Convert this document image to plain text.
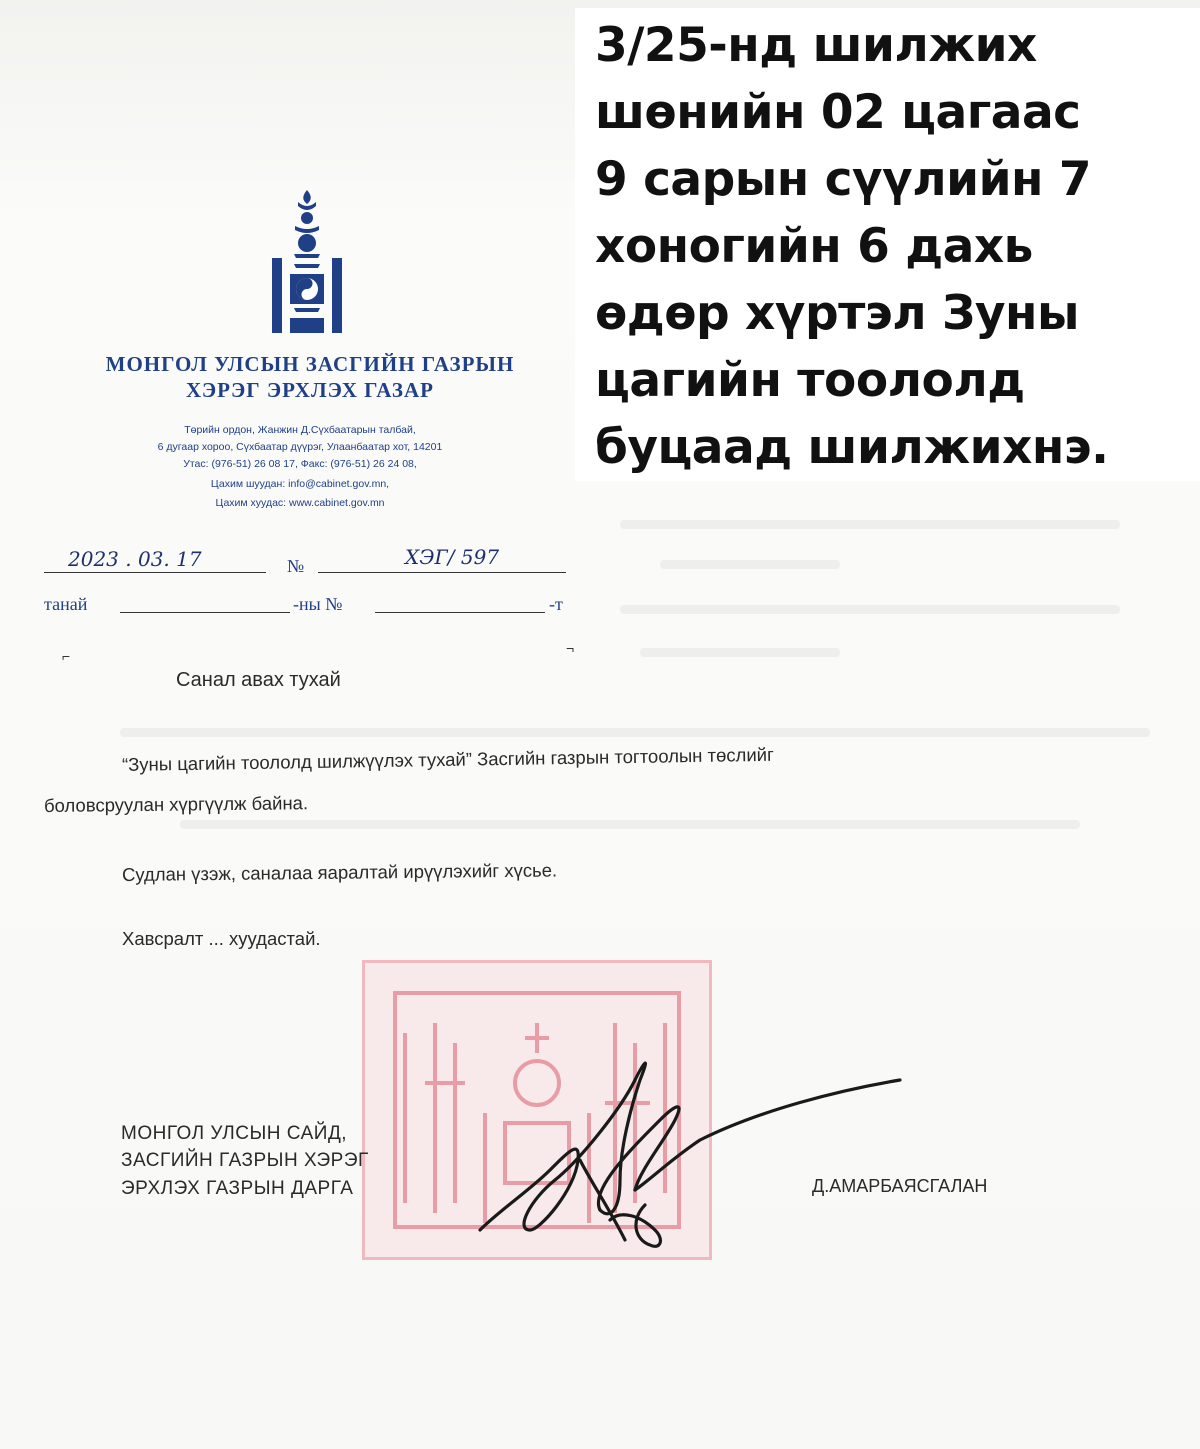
МОНГОЛ УЛСЫН ЗАСГИЙН ГАЗРЫН
ХЭРЭГ ЭРХЛЭХ ГАЗАР
Төрийн ордон, Жанжин Д.Сүхбаатарын талбай,
6 дугаар хороо, Сүхбаатар дүүрэг, Улаанбаатар хот, 14201
Утас: (976-51) 26 08 17, Факс: (976-51) 26 24 08,
Цахим шуудан: info@cabinet.gov.mn,
Цахим хуудас: www.cabinet.gov.mn
2023 . 03. 17	№	ХЭГ/ 597
танай	-ны №	-т
⌐	¬
Санал авах тухай
“Зуны цагийн тоололд шилжүүлэх тухай” Засгийн газрын тогтоолын төслийг
боловсруулан хүргүүлж байна.
Судлан үзэж, саналаа яаралтай ирүүлэхийг хүсье.
Хавсралт ... хуудастай.
МОНГОЛ УЛСЫН САЙД,
ЗАСГИЙН ГАЗРЫН ХЭРЭГ
ЭРХЛЭХ ГАЗРЫН ДАРГА	Д.АМАРБАЯСГАЛАН
3/25-нд шилжих
шөнийн 02 цагаас
9 сарын сүүлийн 7
хоногийн 6 дахь
өдөр хүртэл Зуны
цагийн тоололд
буцаад шилжихнэ.
